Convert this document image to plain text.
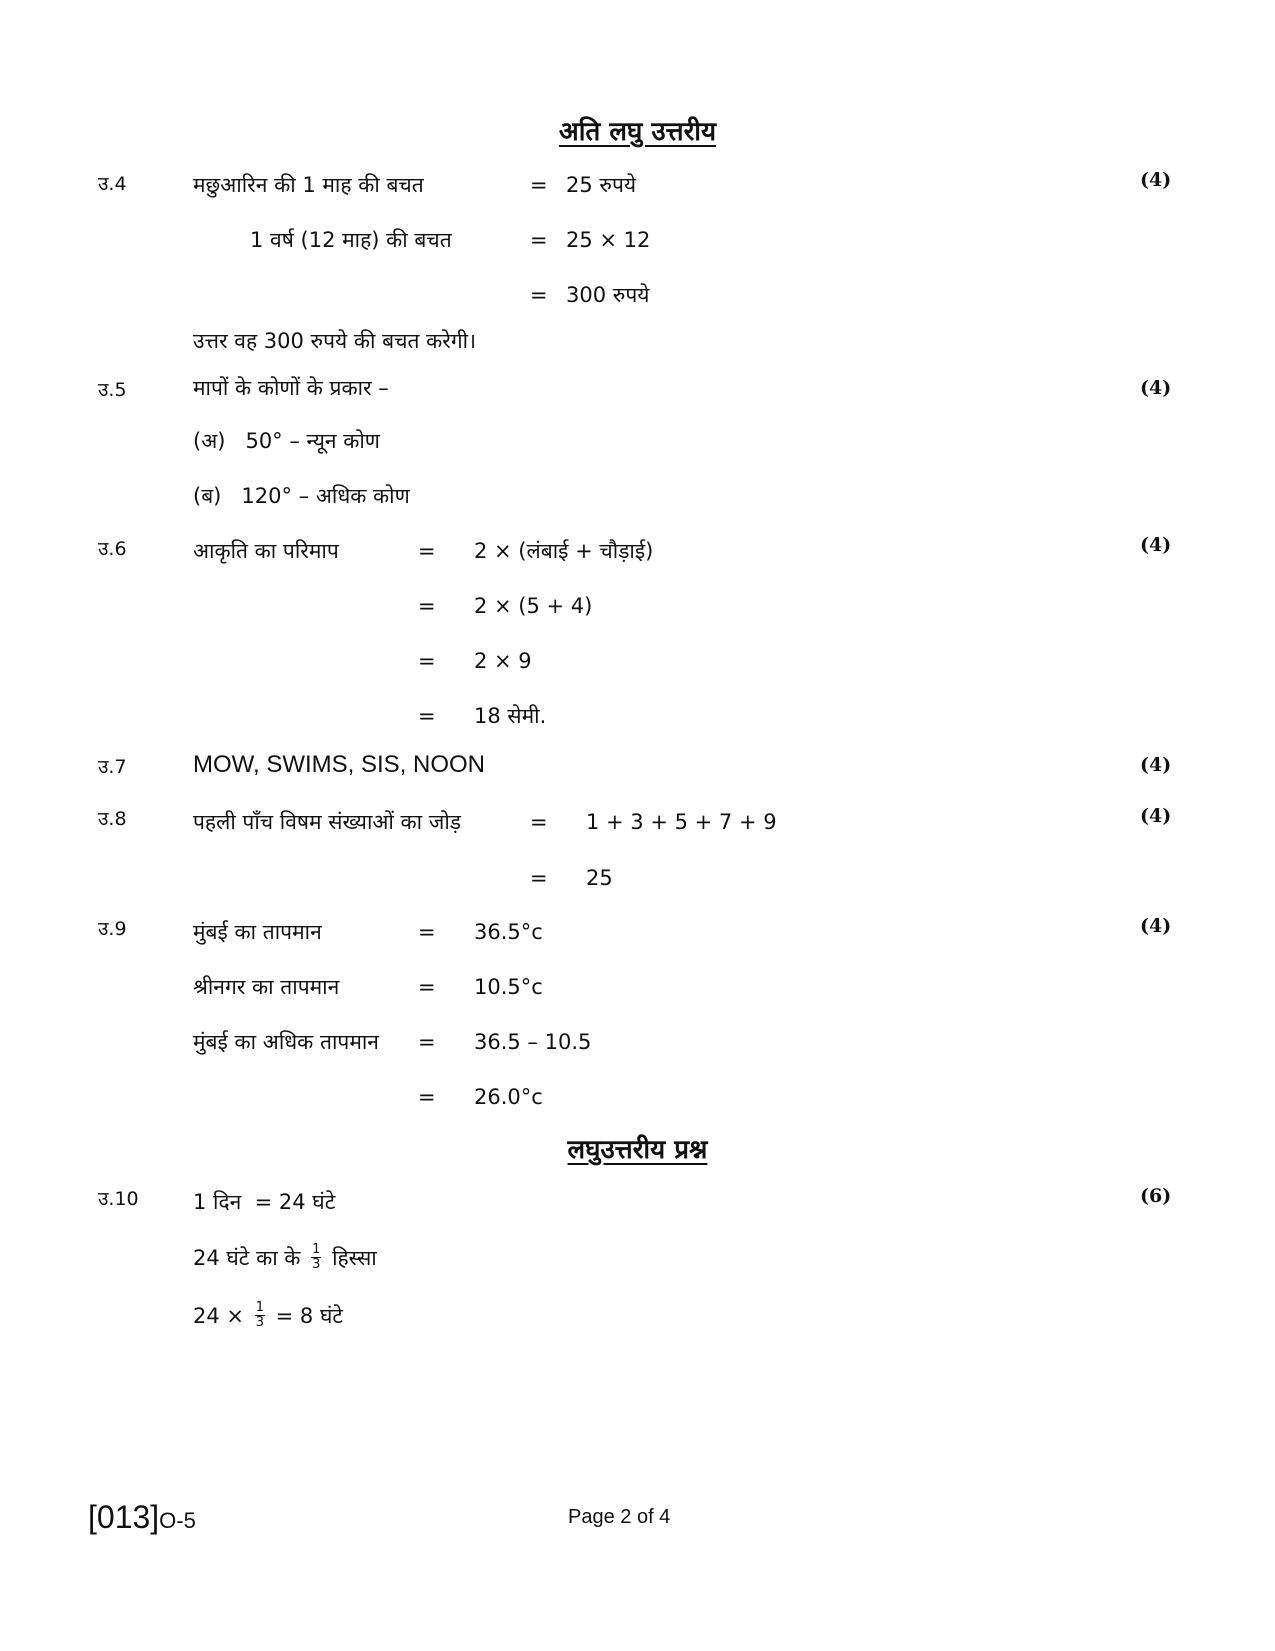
अति लघु उत्तरीय
उ.4	(4)
मछुआरिन की 1 माह की बचत	= 25 रुपये
1 वर्ष (12 माह) की बचत	= 25 × 12
= 300 रुपये
उत्तर वह 300 रुपये की बचत करेगी।
उ.5	(4)
मापों के कोणों के प्रकार –
(अ)   50° – न्यून कोण
(ब)   120° – अधिक कोण
उ.6	(4)
आकृति का परिमाप	= 2 × (लंबाई + चौड़ाई)
= 2 × (5 + 4)
= 2 × 9
= 18 सेमी.
उ.7	(4)
MOW, SWIMS, SIS, NOON
उ.8	(4)
पहली पाँच विषम संख्याओं का जोड़	= 1 + 3 + 5 + 7 + 9
= 25
उ.9	(4)
मुंबई का तापमान	= 36.5°c
श्रीनगर का तापमान	= 10.5°c
मुंबई का अधिक तापमान = 36.5 – 10.5
= 26.0°c
लघुउत्तरीय प्रश्न
उ.10	(6)
1 दिन  = 24 घंटे
24 घंटे का के $\frac{1}{3}$ हिस्सा
$24 \times \frac{1}{3} = 8$ घंटे
[013]O-5	Page 2 of 4
